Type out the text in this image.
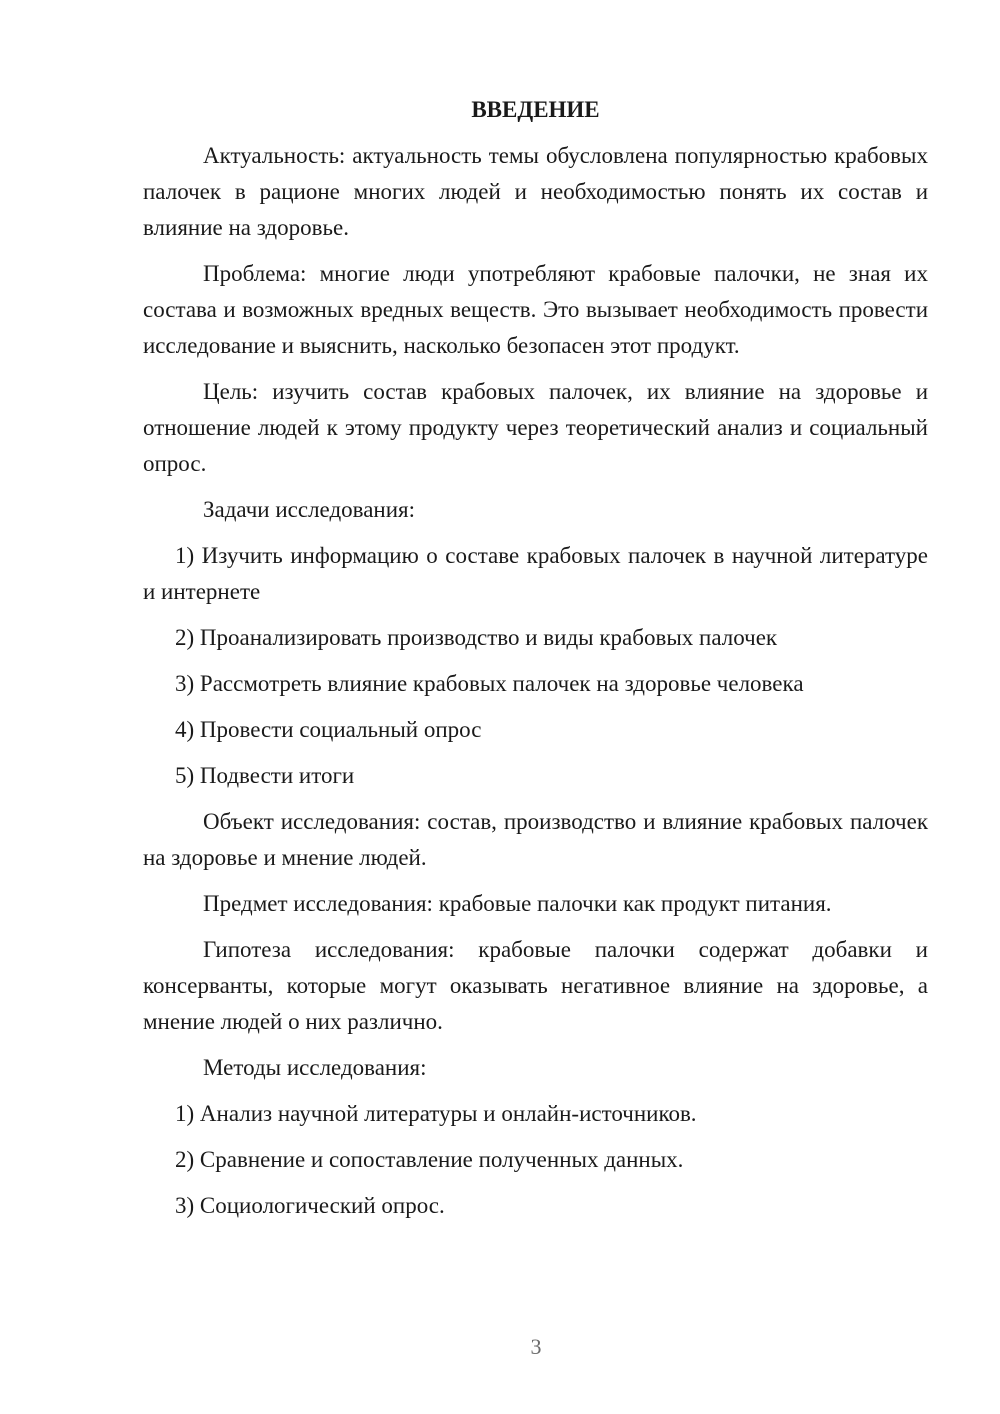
ВВЕДЕНИЕ

Актуальность: актуальность темы обусловлена популярностью крабовых палочек в рационе многих людей и необходимостью понять их состав и влияние на здоровье.

Проблема: многие люди употребляют крабовые палочки, не зная их состава и возможных вредных веществ. Это вызывает необходимость провести исследование и выяснить, насколько безопасен этот продукт.

Цель: изучить состав крабовых палочек, их влияние на здоровье и отношение людей к этому продукту через теоретический анализ и социальный опрос.

Задачи исследования:

1) Изучить информацию о составе крабовых палочек в научной литературе и интернете

2) Проанализировать производство и виды крабовых палочек

3) Рассмотреть влияние крабовых палочек на здоровье человека

4) Провести социальный опрос

5) Подвести итоги

Объект исследования: состав, производство и влияние крабовых палочек на здоровье и мнение людей.

Предмет исследования: крабовые палочки как продукт питания.

Гипотеза исследования: крабовые палочки содержат добавки и консерванты, которые могут оказывать негативное влияние на здоровье, а мнение людей о них различно.

Методы исследования:

1) Анализ научной литературы и онлайн-источников.

2) Сравнение и сопоставление полученных данных.

3) Социологический опрос.

3
